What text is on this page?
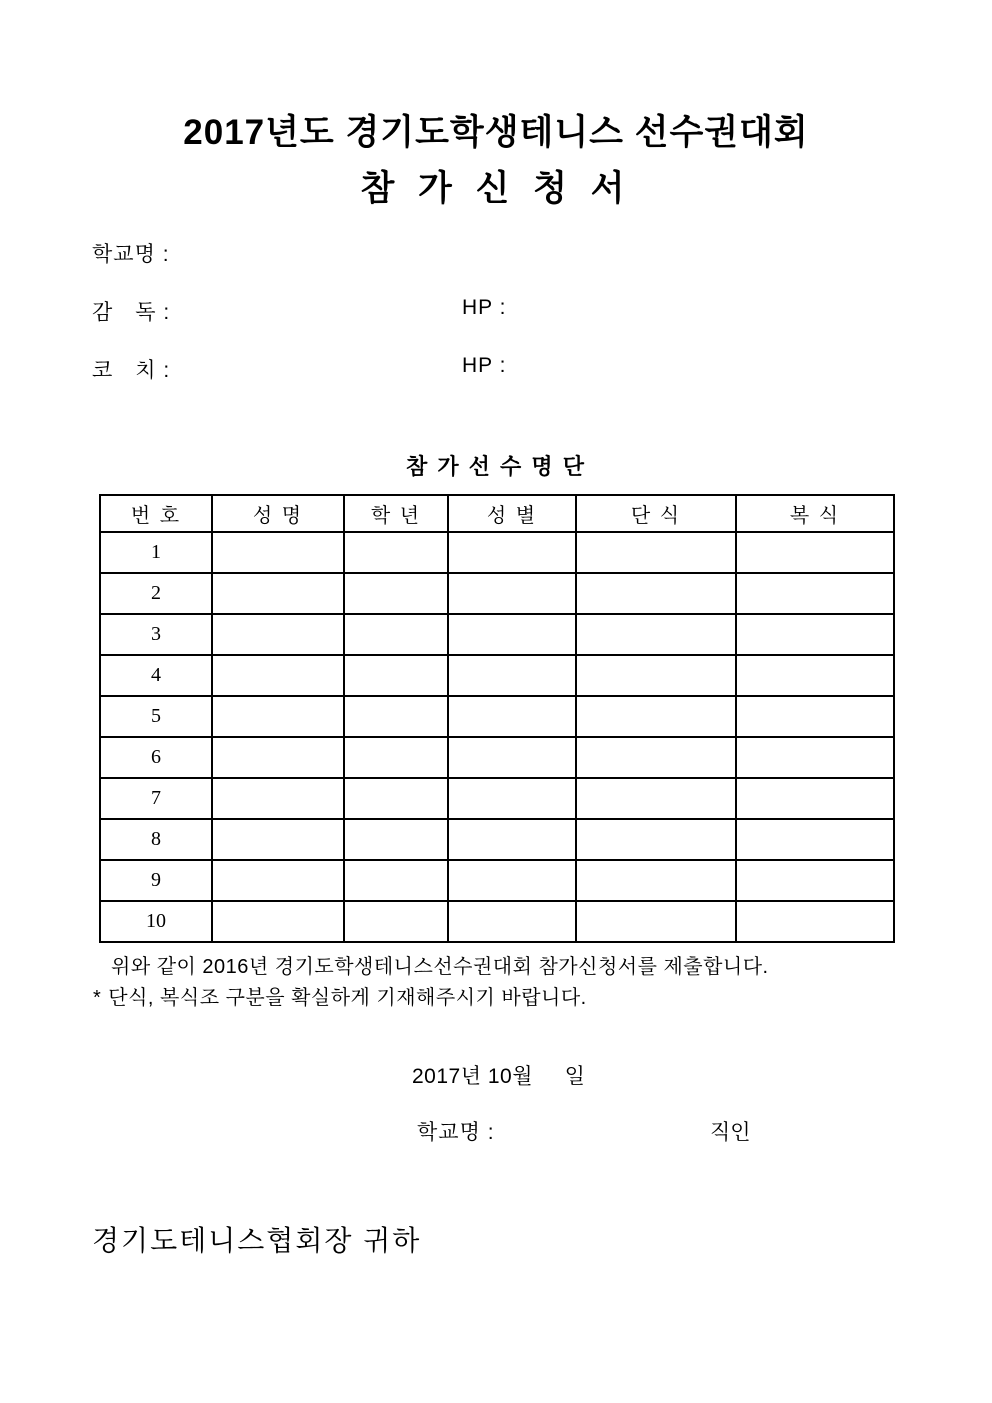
2017년도 경기도학생테니스 선수권대회
참 가 신 청 서
학교명 :
감　독 :	HP :
코　치 :	HP :
참 가 선 수 명 단
번 호	성 명	학 년	성 별	단 식	복 식
1					
2					
3					
4					
5					
6					
7					
8					
9					
10					
위와 같이 2016년 경기도학생테니스선수권대회 참가신청서를 제출합니다.
* 단식, 복식조 구분을 확실하게 기재해주시기 바랍니다.
2017년 10월     일
학교명 :	직인
경기도테니스협회장 귀하
